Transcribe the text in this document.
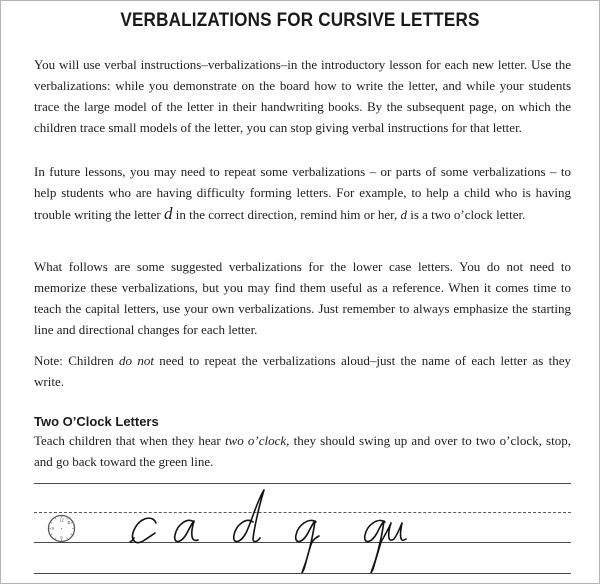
VERBALIZATIONS FOR CURSIVE LETTERS

You will use verbal instructions–verbalizations–in the introductory lesson for each new letter. Use the verbalizations: while you demonstrate on the board how to write the letter, and while your students trace the large model of the letter in their handwriting books. By the subsequent page, on which the children trace small models of the letter, you can stop giving verbal instructions for that letter.

In future lessons, you may need to repeat some verbalizations – or parts of some verbalizations – to help students who are having difficulty forming letters. For example, to help a child who is having trouble writing the letter d in the correct direction, remind him or her, d is a two o’clock letter.

What follows are some suggested verbalizations for the lower case letters. You do not need to memorize these verbalizations, but you may find them useful as a reference. When it comes time to teach the capital letters, use your own verbalizations. Just remember to always emphasize the starting line and directional changes for each letter.

Note: Children do not need to repeat the verbalizations aloud–just the name of each letter as they write.

Two O’Clock Letters

Teach children that when they hear two o’clock, they should swing up and over to two o’clock, stop, and go back toward the green line.

12
2
6
9
